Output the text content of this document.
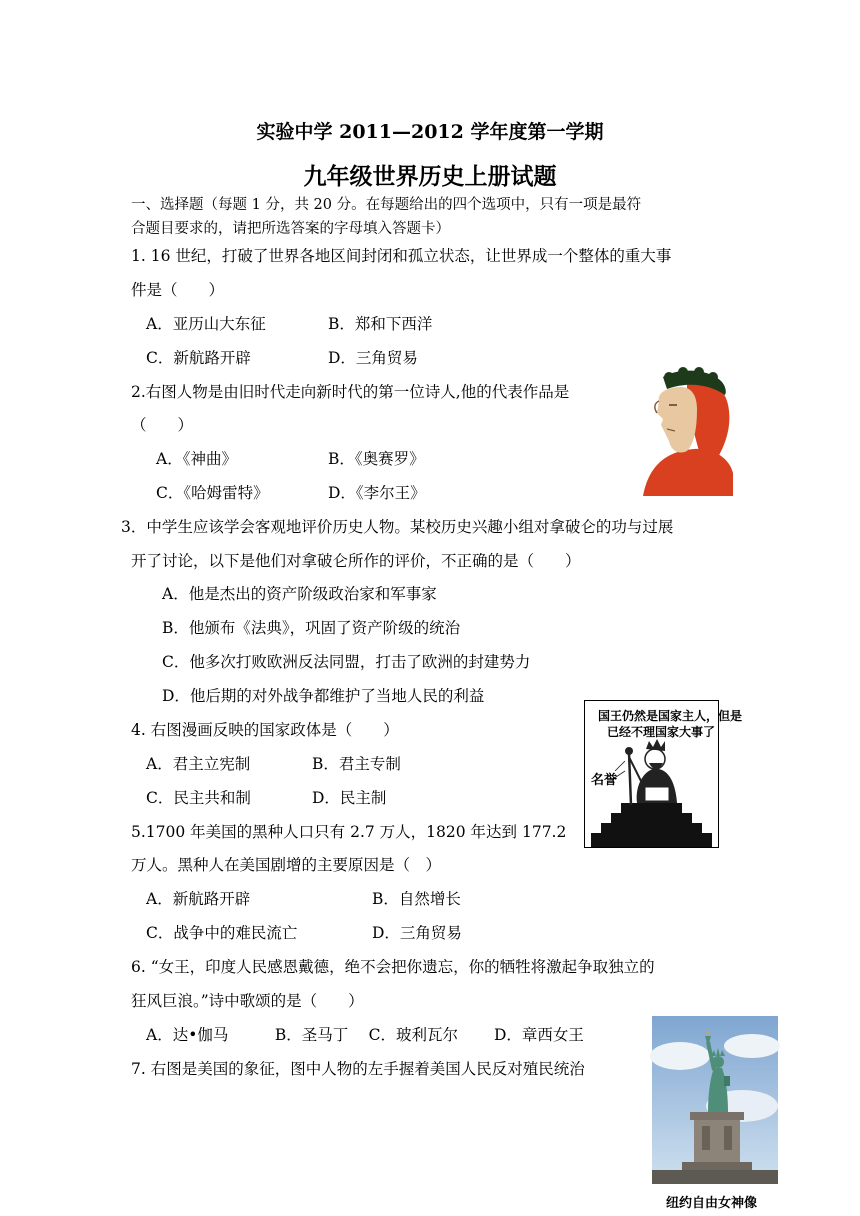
实验中学 2011—2012 学年度第一学期
九年级世界历史上册试题
一、选择题（每题 1 分，共 20 分。在每题给出的四个选项中，只有一项是最符
合题目要求的，请把所选答案的字母填入答题卡）
1. 16 世纪，打破了世界各地区间封闭和孤立状态，让世界成一个整体的重大事
件是（　　）
A．亚历山大东征	B．郑和下西洋
C．新航路开辟	D．三角贸易
2.右图人物是由旧时代走向新时代的第一位诗人,他的代表作品是
（　　）
A．《神曲》	B．《奥赛罗》
C．《哈姆雷特》	D．《李尔王》
3．中学生应该学会客观地评价历史人物。某校历史兴趣小组对拿破仑的功与过展
开了讨论，以下是他们对拿破仑所作的评价，不正确的是（　　）
A．他是杰出的资产阶级政治家和军事家
B．他颁布《法典》，巩固了资产阶级的统治
C．他多次打败欧洲反法同盟，打击了欧洲的封建势力
D．他后期的对外战争都维护了当地人民的利益
4. 右图漫画反映的国家政体是（　　）
A．君主立宪制	B．君主专制
C．民主共和制	D．民主制
国王仍然是国家主人，但是
已经不理国家大事了
名誉
5.1700 年美国的黑种人口只有 2.7 万人，1820 年达到 177.2
万人。黑种人在美国剧增的主要原因是（　）
A．新航路开辟	B．自然增长
C．战争中的难民流亡	D．三角贸易
6. “女王，印度人民感恩戴德，绝不会把你遗忘，你的牺牲将激起争取独立的
狂风巨浪。”诗中歌颂的是（　　）
A．达•伽马　　　B．圣马丁　 C．玻利瓦尔　　 D．章西女王
7. 右图是美国的象征，图中人物的左手握着美国人民反对殖民统治
纽约自由女神像
